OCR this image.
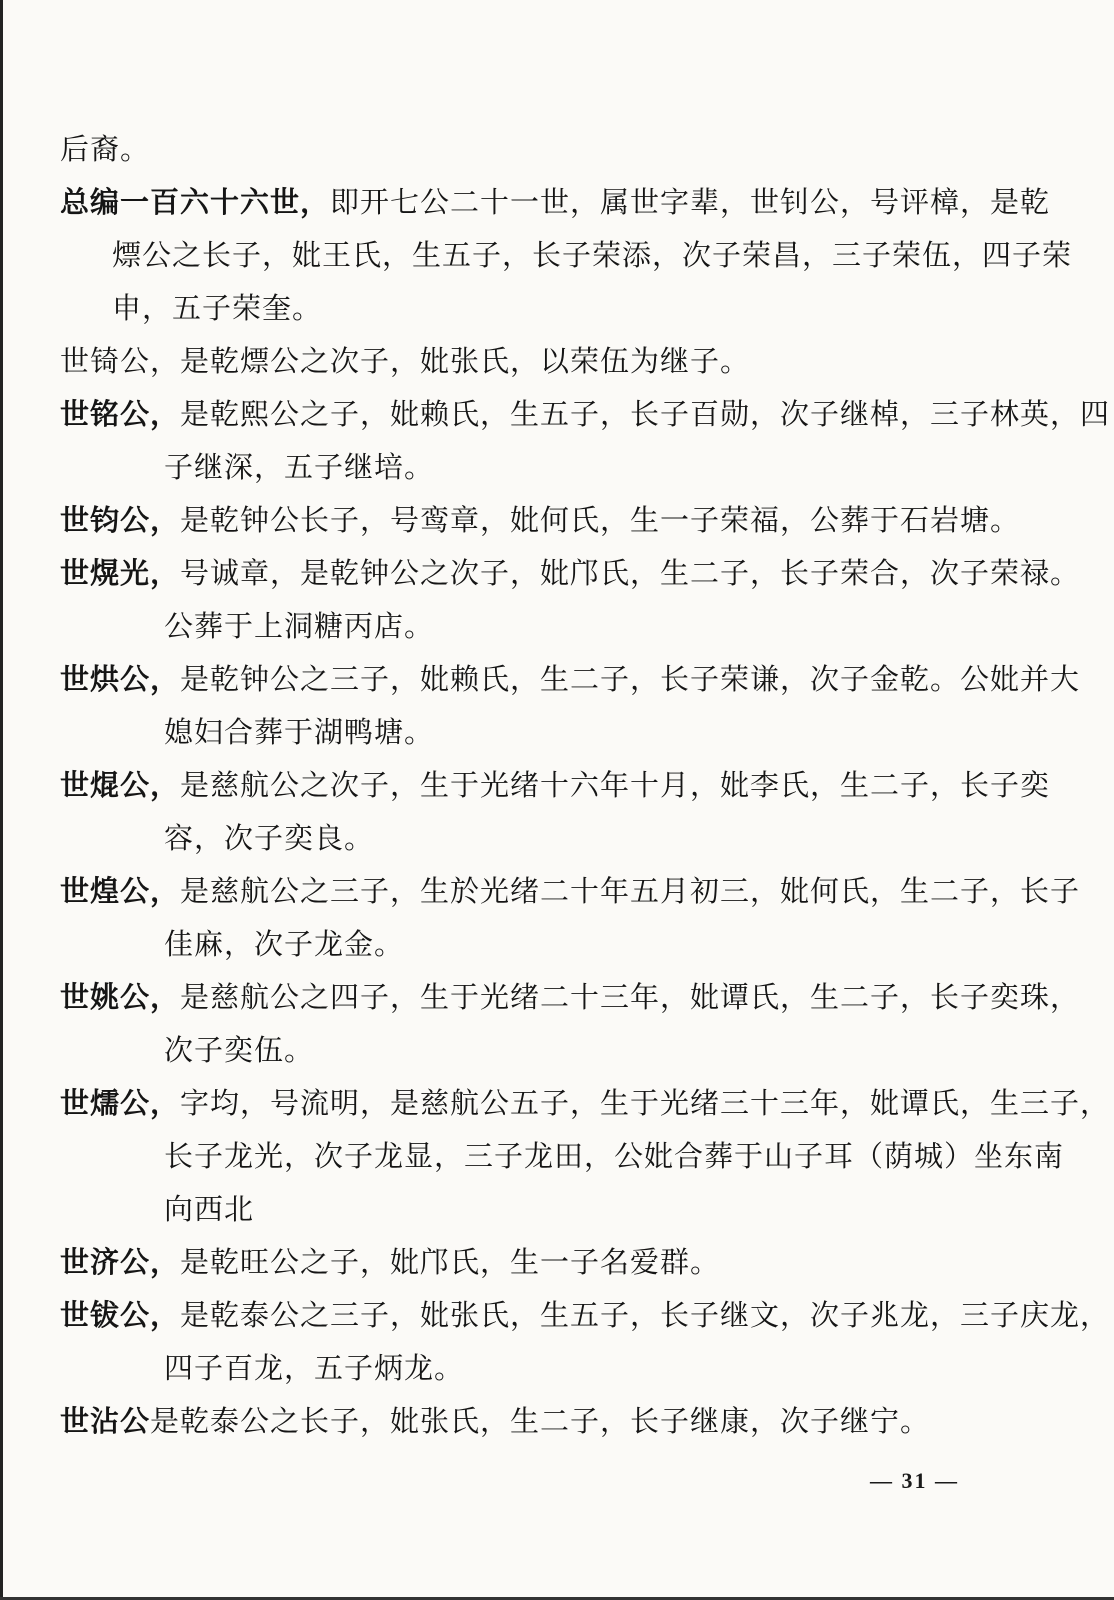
后裔。
总编一百六十六世，即开七公二十一世，属世字辈，世钊公，号评樟，是乾
熛公之长子，妣王氏，生五子，长子荣添，次子荣昌，三子荣伍，四子荣
申，五子荣奎。
世锜公，是乾熛公之次子，妣张氏，以荣伍为继子。
世铭公，是乾熙公之子，妣赖氏，生五子，长子百勋，次子继棹，三子林英，四
子继深，五子继培。
世钧公，是乾钟公长子，号鸾章，妣何氏，生一子荣福，公葬于石岩塘。
世熀光，号诚章，是乾钟公之次子，妣邝氏，生二子，长子荣合，次子荣禄。
公葬于上洞糖丙店。
世烘公，是乾钟公之三子，妣赖氏，生二子，长子荣谦，次子金乾。公妣并大
媳妇合葬于湖鸭塘。
世焜公，是慈航公之次子，生于光绪十六年十月，妣李氏，生二子，长子奕
容，次子奕良。
世煌公，是慈航公之三子，生於光绪二十年五月初三，妣何氏，生二子，长子
佳麻，次子龙金。
世姚公，是慈航公之四子，生于光绪二十三年，妣谭氏，生二子，长子奕珠，
次子奕伍。
世燸公，字均，号流明，是慈航公五子，生于光绪三十三年，妣谭氏，生三子，
长子龙光，次子龙显，三子龙田，公妣合葬于山子耳（荫城）坐东南
向西北
世济公，是乾旺公之子，妣邝氏，生一子名爱群。
世钹公，是乾泰公之三子，妣张氏，生五子，长子继文，次子兆龙，三子庆龙，
四子百龙，五子炳龙。
世沾公是乾泰公之长子，妣张氏，生二子，长子继康，次子继宁。
— 31 —
